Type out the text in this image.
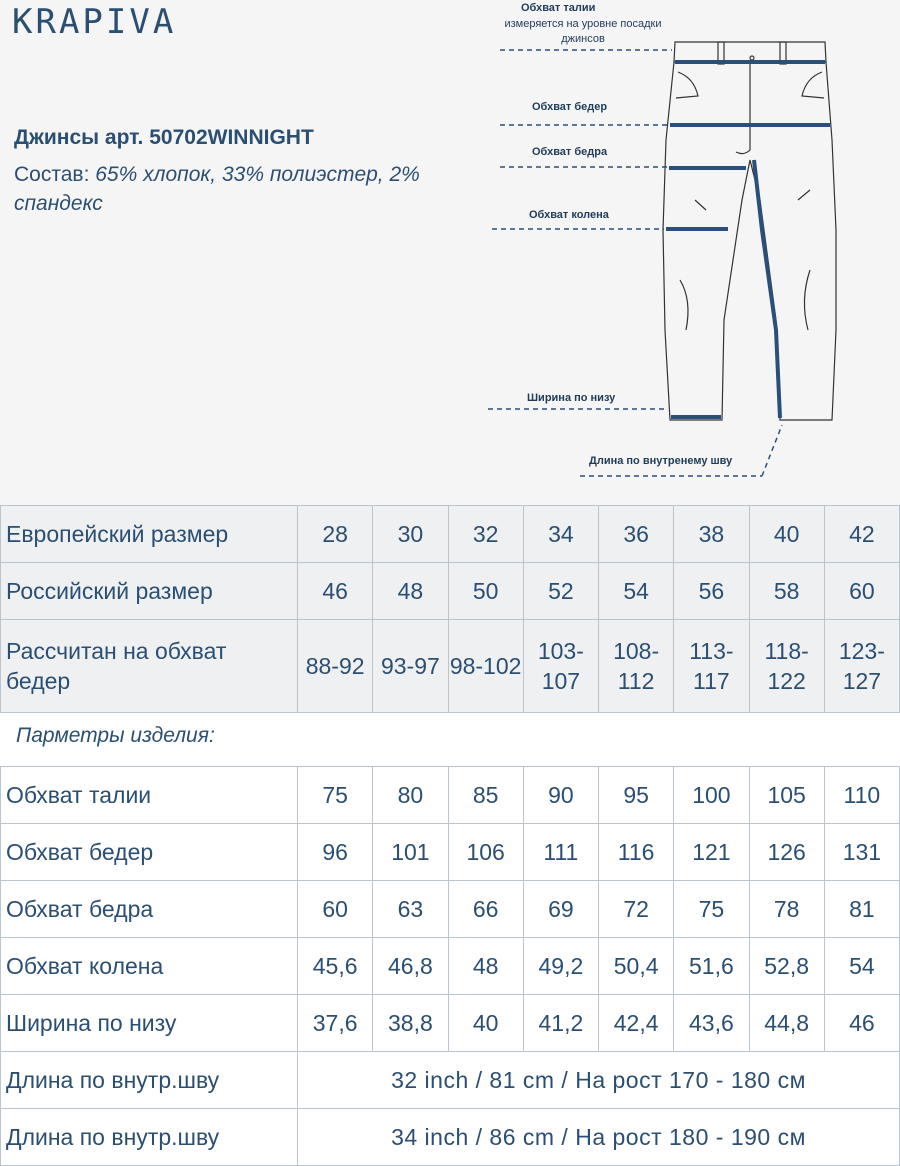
KRAPIVA
Джинсы арт. 50702WINNIGHT
Состав: 65% хлопок, 33% полиэстер, 2% спандекс
Обхват талии
измеряется на уровне посадки джинсов
Обхват бедер
Обхват бедра
Обхват колена
Ширина по низу
Длина по внутренему шву
Европейский размер	28	30	32	34	36	38	40	42
Российский размер	46	48	50	52	54	56	58	60
Рассчитан на обхват бедер	88-92	93-97	98-102	103-107	108-112	113-117	118-122	123-127
Парметры изделия:
Обхват талии	75	80	85	90	95	100	105	110
Обхват бедер	96	101	106	111	116	121	126	131
Обхват бедра	60	63	66	69	72	75	78	81
Обхват колена	45,6	46,8	48	49,2	50,4	51,6	52,8	54
Ширина по низу	37,6	38,8	40	41,2	42,4	43,6	44,8	46
Длина по внутр.шву	32 inch / 81 cm / На рост 170 - 180 см							
Длина по внутр.шву	34 inch / 86 cm / На рост 180 - 190 см							
